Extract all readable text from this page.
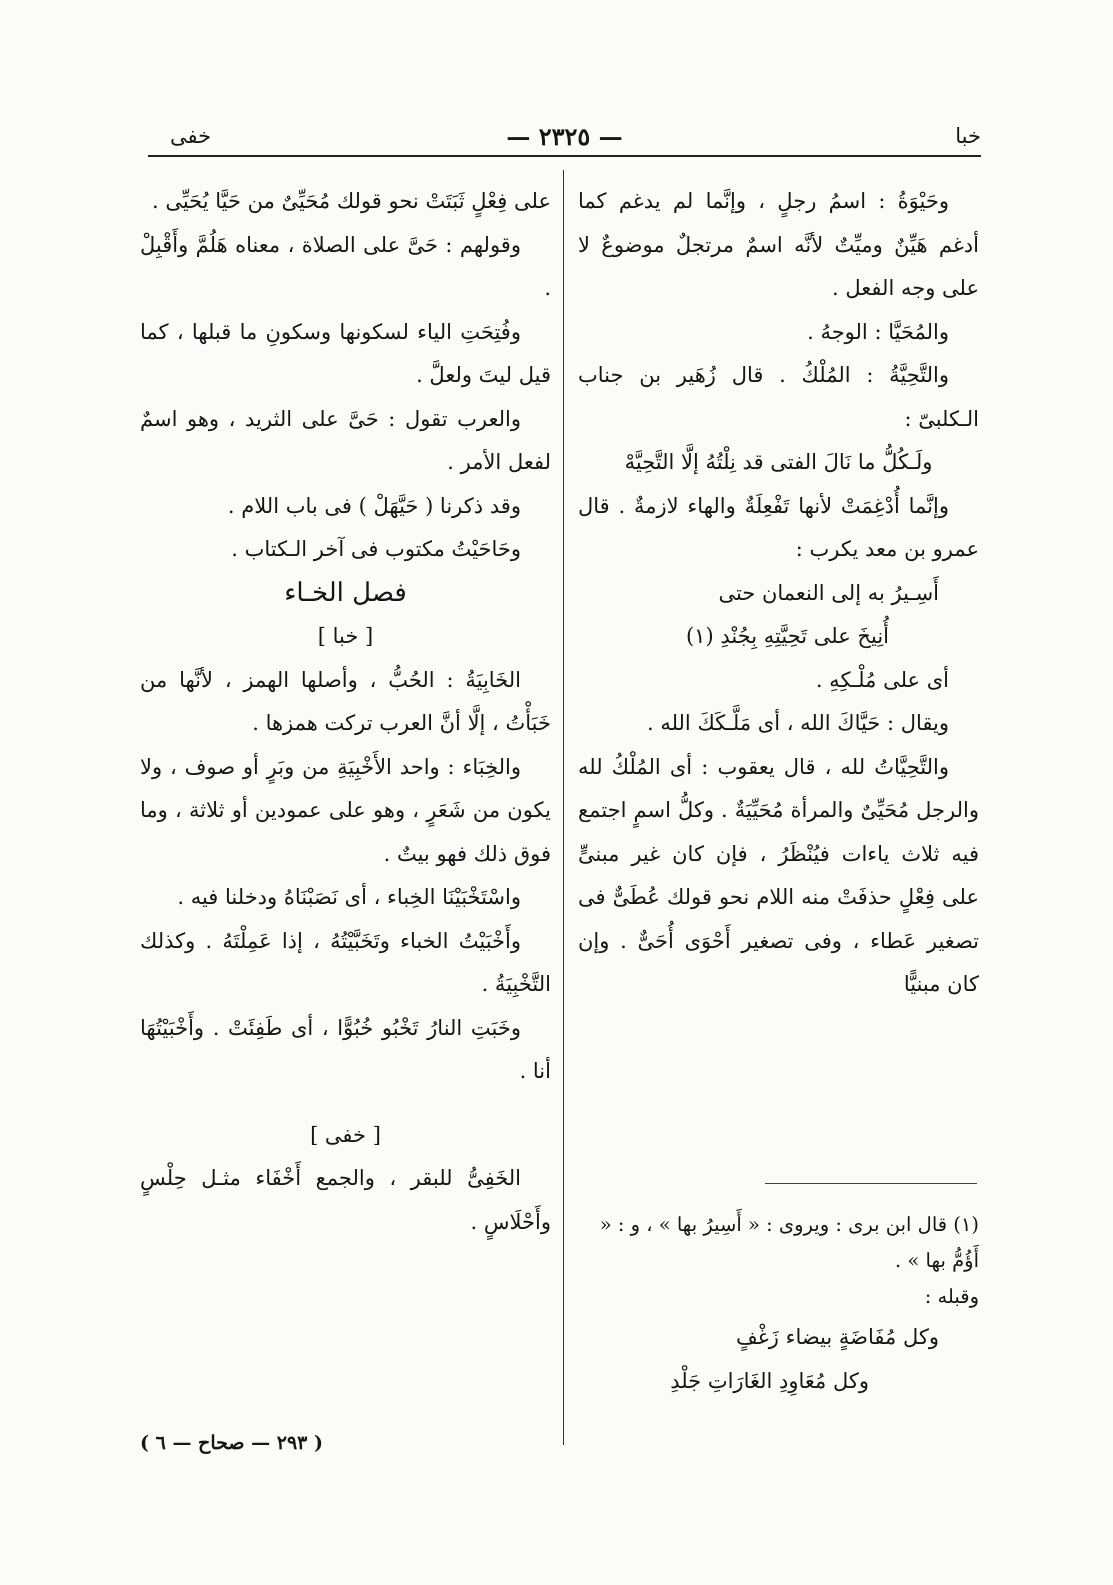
خفى	— ٢٣٢٥ —	خبا

وحَيْوَةُ : اسمُ رجلٍ ، وإنَّما لم يدغم كما أدغم هَيِّنٌ وميِّتٌ لأنَّه اسمٌ مرتجلٌ موضوعٌ لا على وجه الفعل .

والمُحَيَّا : الوجهُ .

والتَّحِيَّةُ : المُلْكُ . قال زُهَير بن جناب الـكلبىّ :

ولَـكُلُّ ما نَالَ الفتى قد نِلْتُهُ إلَّا التَّحِيَّهْ

وإنَّما أُدْغِمَتْ لأنها تَفْعِلَةٌ والهاء لازمةٌ . قال عمرو بن معد يكرب :

أَسِـيرُ به إلى النعمان حتى

أُنِيخَ على تَحِيَّتِهِ بِجُنْدِ (١)

أى على مُلْـكِهِ .

ويقال : حَيَّاكَ الله ، أى مَلَّـكَكَ الله .

والتَّحِيَّاتُ لله ، قال يعقوب : أى المُلْكُ لله والرجل مُحَيِّىٌ والمرأة مُحَيِّيَةٌ . وكلُّ اسمٍ اجتمع فيه ثلاث ياءات فيُنْظَرُ ، فإن كان غير مبنىٍّ على فِعْلٍ حذفَتْ منه اللام نحو قولك عُطَىٌّ فى تصغير عَطاء ، وفى تصغير أَحْوَى أُحَىٌّ . وإن كان مبنيًّا

(١) قال ابن برى : ويروى : « أَسِيرُ بها » ، و : « أَؤُمُّ بها » .

وقبله :

وكل مُفَاضَةٍ بيضاء زَغْفٍ

وكل مُعَاوِدِ الغَارَاتِ جَلْدِ

على فِعْلٍ ثَبَتَتْ نحو قولك مُحَيِّىٌ من حَيَّا يُحَيِّى .

وقولهم : حَىَّ على الصلاة ، معناه هَلُمَّ وأَقْبِلْ .

وفُتِحَتِ الياء لسكونها وسكونِ ما قبلها ، كما قيل ليتَ ولعلَّ .

والعرب تقول : حَىَّ على الثريد ، وهو اسمٌ لفعل الأمر .

وقد ذكرنا ( حَيَّهَلْ ) فى باب اللام .

وحَاحَيْتُ مكتوب فى آخر الـكتاب .

فصل الخـاء

[ خبا ]

الخَابِيَةُ : الحُبُّ ، وأصلها الهمز ، لأنَّها من خَبَأْتُ ، إلَّا أنَّ العرب تركت همزها .

والخِبَاء : واحد الأَخْبِيَةِ من وبَرٍ أو صوف ، ولا يكون من شَعَرٍ ، وهو على عمودين أو ثلاثة ، وما فوق ذلك فهو بيتٌ .

واسْتَخْبَيْنَا الخِباء ، أى نَصَبْنَاهُ ودخلنا فيه .

وأَخْبَيْتُ الخباء وتَخَبَّيْتُهُ ، إذا عَمِلْتَهُ . وكذلك التَّخْبِيَةُ .

وخَبَتِ النارُ تَخْبُو خُبُوًّا ، أى طَفِئَتْ . وأَخْبَيْتُهَا أنا .

[ خفى ]

الخَفِىُّ للبقر ، والجمع أَخْفَاء مثـل حِلْسٍ وأَحْلَاسٍ .

( ٢٩٣ — صحاح — ٦ )
